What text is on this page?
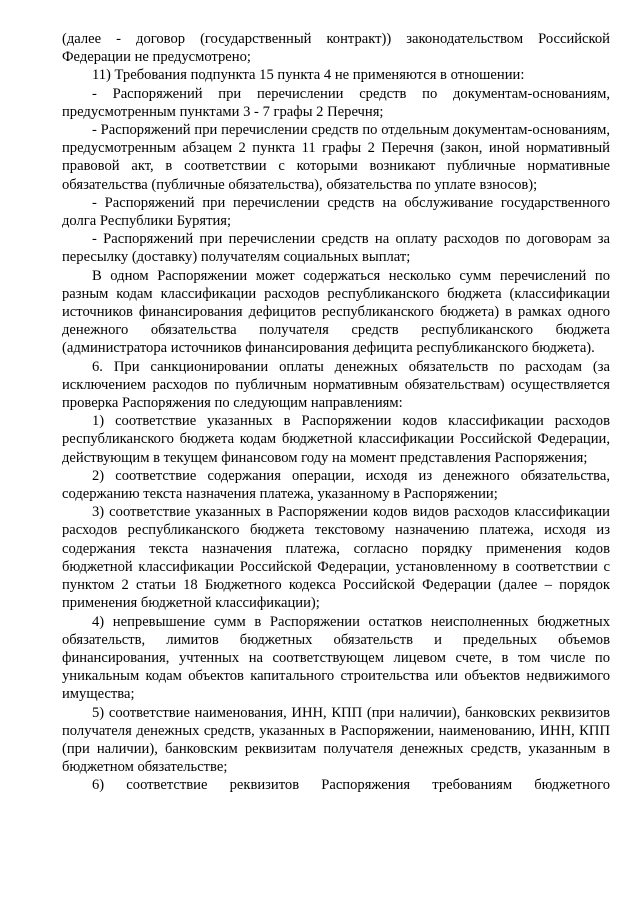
(далее - договор (государственный контракт)) законодательством Российской Федерации не предусмотрено;

11) Требования подпункта 15 пункта 4 не применяются в отношении:

- Распоряжений при перечислении средств по документам-основаниям, предусмотренным пунктами 3 - 7 графы 2 Перечня;

- Распоряжений при перечислении средств по отдельным документам-основаниям, предусмотренным абзацем 2 пункта 11 графы 2 Перечня (закон, иной нормативный правовой акт, в соответствии с которыми возникают публичные нормативные обязательства (публичные обязательства), обязательства по уплате взносов);

- Распоряжений при перечислении средств на обслуживание государственного долга Республики Бурятия;

- Распоряжений при перечислении средств на оплату расходов по договорам за пересылку (доставку) получателям социальных выплат;

В одном Распоряжении может содержаться несколько сумм перечислений по разным кодам классификации расходов республиканского бюджета (классификации источников финансирования дефицитов республиканского бюджета) в рамках одного денежного обязательства получателя средств республиканского бюджета (администратора источников финансирования дефицита республиканского бюджета).

6. При санкционировании оплаты денежных обязательств по расходам (за исключением расходов по публичным нормативным обязательствам) осуществляется проверка Распоряжения по следующим направлениям:

1) соответствие указанных в Распоряжении кодов классификации расходов республиканского бюджета кодам бюджетной классификации Российской Федерации, действующим в текущем финансовом году на момент представления Распоряжения;

2) соответствие содержания операции, исходя из денежного обязательства, содержанию текста назначения платежа, указанному в Распоряжении;

3) соответствие указанных в Распоряжении кодов видов расходов классификации расходов республиканского бюджета текстовому назначению платежа, исходя из содержания текста назначения платежа, согласно порядку применения кодов бюджетной классификации Российской Федерации, установленному в соответствии с пунктом 2 статьи 18 Бюджетного кодекса Российской Федерации (далее – порядок применения бюджетной классификации);

4) непревышение сумм в Распоряжении остатков неисполненных бюджетных обязательств, лимитов бюджетных обязательств и предельных объемов финансирования, учтенных на соответствующем лицевом счете, в том числе по уникальным кодам объектов капитального строительства или объектов недвижимого имущества;

5) соответствие наименования, ИНН, КПП (при наличии), банковских реквизитов получателя денежных средств, указанных в Распоряжении, наименованию, ИНН, КПП (при наличии), банковским реквизитам получателя денежных средств, указанным в бюджетном обязательстве;

6) соответствие реквизитов Распоряжения требованиям бюджетного
